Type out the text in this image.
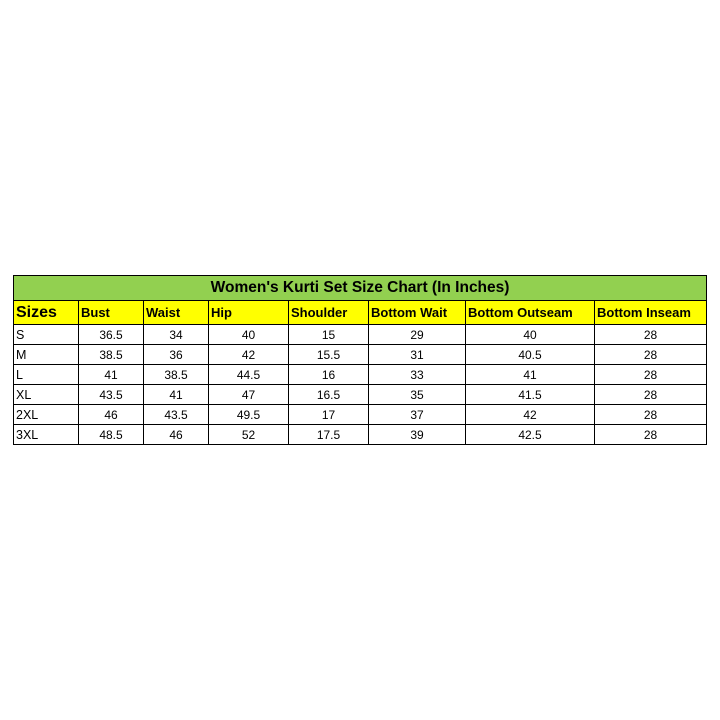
Women's Kurti Set Size Chart (In Inches)							
Sizes	Bust	Waist	Hip	Shoulder	Bottom Wait	Bottom Outseam	Bottom Inseam
S	36.5	34	40	15	29	40	28
M	38.5	36	42	15.5	31	40.5	28
L	41	38.5	44.5	16	33	41	28
XL	43.5	41	47	16.5	35	41.5	28
2XL	46	43.5	49.5	17	37	42	28
3XL	48.5	46	52	17.5	39	42.5	28
